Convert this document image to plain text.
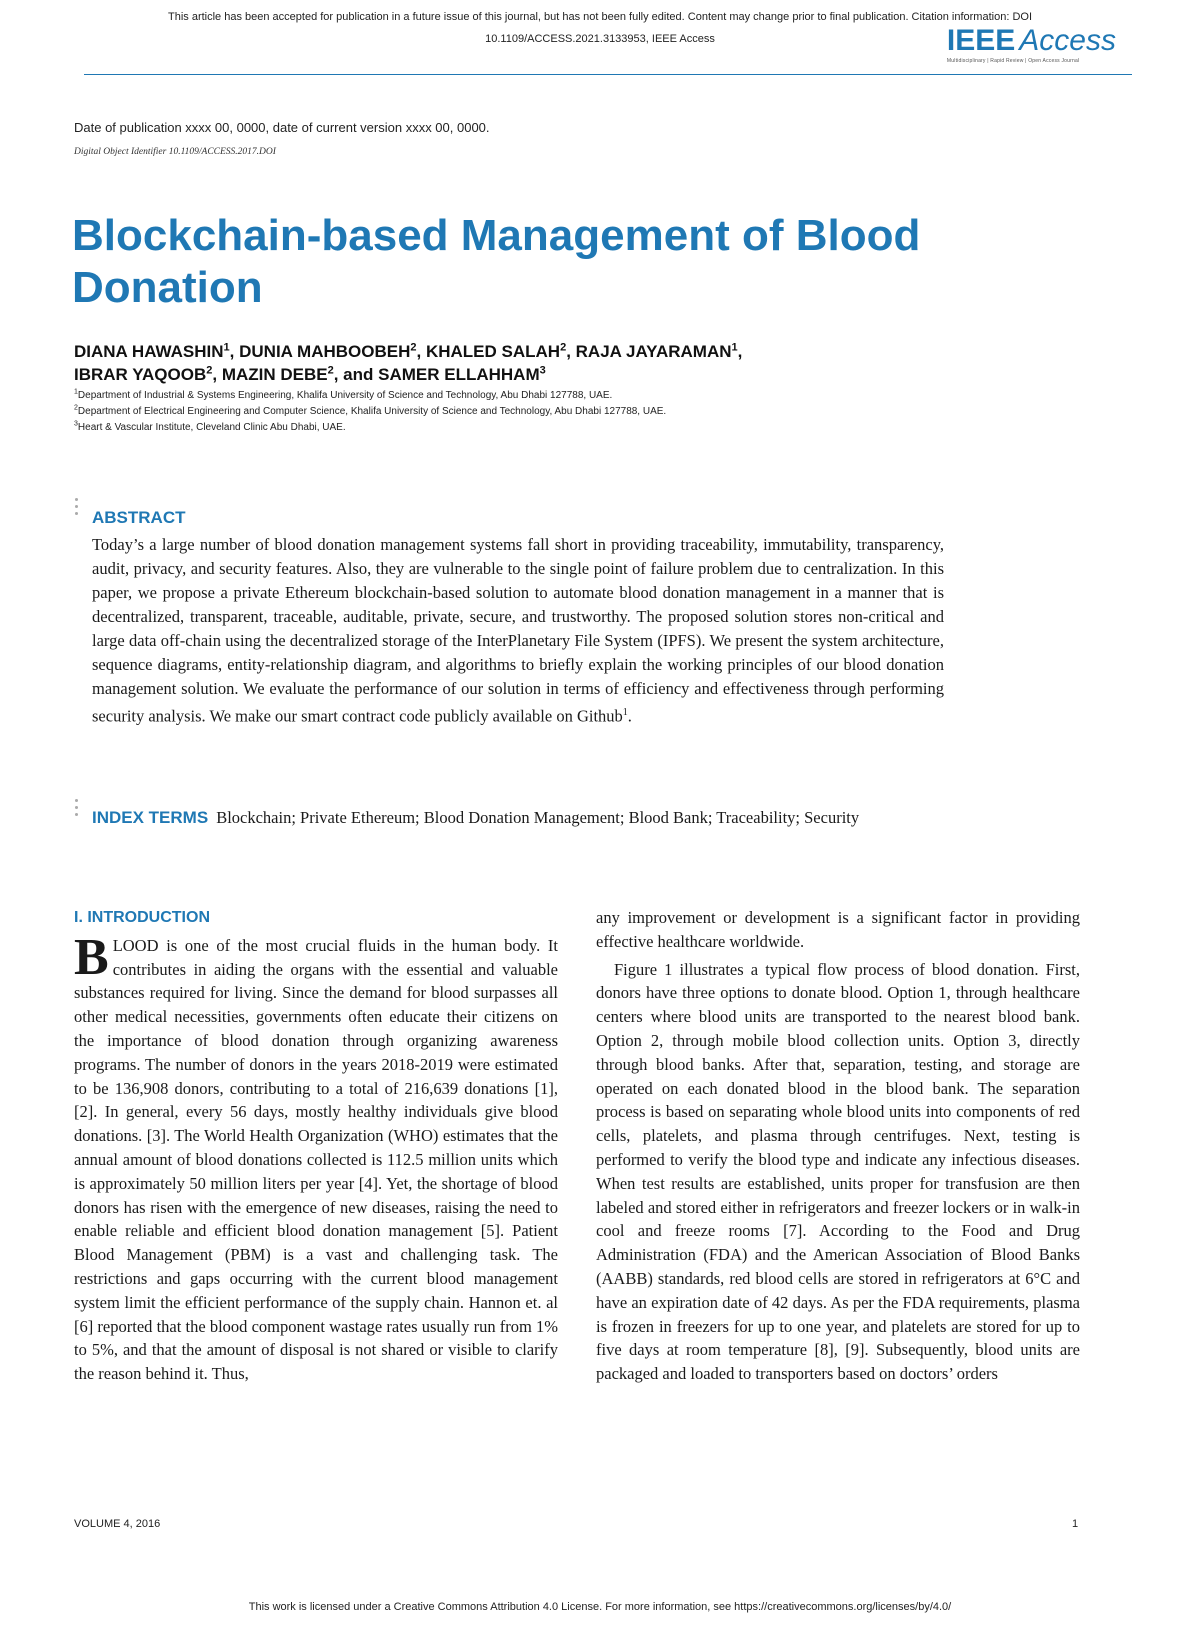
This article has been accepted for publication in a future issue of this journal, but has not been fully edited. Content may change prior to final publication. Citation information: DOI
10.1109/ACCESS.2021.3133953, IEEE Access	IEEE Access
Multidisciplinary | Rapid Review | Open Access Journal
Date of publication xxxx 00, 0000, date of current version xxxx 00, 0000.
Digital Object Identifier 10.1109/ACCESS.2017.DOI
Blockchain-based Management of Blood Donation
DIANA HAWASHIN$^1$, DUNIA MAHBOOBEH$^2$, KHALED SALAH$^2$, RAJA JAYARAMAN$^1$,
IBRAR YAQOOB$^2$, MAZIN DEBE$^2$, and SAMER ELLAHHAM$^3$
$^1$Department of Industrial & Systems Engineering, Khalifa University of Science and Technology, Abu Dhabi 127788, UAE.
$^2$Department of Electrical Engineering and Computer Science, Khalifa University of Science and Technology, Abu Dhabi 127788, UAE.
$^3$Heart & Vascular Institute, Cleveland Clinic Abu Dhabi, UAE.

ABSTRACT
Today’s a large number of blood donation management systems fall short in providing traceability, immutability, transparency, audit, privacy, and security features. Also, they are vulnerable to the single point of failure problem due to centralization. In this paper, we propose a private Ethereum blockchain-based solution to automate blood donation management in a manner that is decentralized, transparent, traceable, auditable, private, secure, and trustworthy. The proposed solution stores non-critical and large data off-chain using the decentralized storage of the InterPlanetary File System (IPFS). We present the system architecture, sequence diagrams, entity-relationship diagram, and algorithms to briefly explain the working principles of our blood donation management solution. We evaluate the performance of our solution in terms of efficiency and effectiveness through performing security analysis. We make our smart contract code publicly available on Github$^1$.

INDEX TERMS Blockchain; Private Ethereum; Blood Donation Management; Blood Bank; Traceability; Security

I. INTRODUCTION

BLOOD is one of the most crucial fluids in the human body. It contributes in aiding the organs with the essential and valuable substances required for living. Since the demand for blood surpasses all other medical necessities, governments often educate their citizens on the importance of blood donation through organizing awareness programs. The number of donors in the years 2018-2019 were estimated to be 136,908 donors, contributing to a total of 216,639 donations [1], [2]. In general, every 56 days, mostly healthy individuals give blood donations. [3]. The World Health Organization (WHO) estimates that the annual amount of blood donations collected is 112.5 million units which is approximately 50 million liters per year [4]. Yet, the shortage of blood donors has risen with the emergence of new diseases, raising the need to enable reliable and efficient blood donation management [5]. Patient Blood Management (PBM) is a vast and challenging task. The restrictions and gaps occurring with the current blood management system limit the efficient performance of the supply chain. Hannon et. al [6] reported that the blood component wastage rates usually run from 1% to 5%, and that the amount of disposal is not shared or visible to clarify the reason behind it. Thus,

any improvement or development is a significant factor in providing effective healthcare worldwide.

Figure 1 illustrates a typical flow process of blood donation. First, donors have three options to donate blood. Option 1, through healthcare centers where blood units are transported to the nearest blood bank. Option 2, through mobile blood collection units. Option 3, directly through blood banks. After that, separation, testing, and storage are operated on each donated blood in the blood bank. The separation process is based on separating whole blood units into components of red cells, platelets, and plasma through centrifuges. Next, testing is performed to verify the blood type and indicate any infectious diseases. When test results are established, units proper for transfusion are then labeled and stored either in refrigerators and freezer lockers or in walk-in cool and freeze rooms [7]. According to the Food and Drug Administration (FDA) and the American Association of Blood Banks (AABB) standards, red blood cells are stored in refrigerators at 6°C and have an expiration date of 42 days. As per the FDA requirements, plasma is frozen in freezers for up to one year, and platelets are stored for up to five days at room temperature [8], [9]. Subsequently, blood units are packaged and loaded to transporters based on doctors’ orders

VOLUME 4, 2016	1
This work is licensed under a Creative Commons Attribution 4.0 License. For more information, see https://creativecommons.org/licenses/by/4.0/
